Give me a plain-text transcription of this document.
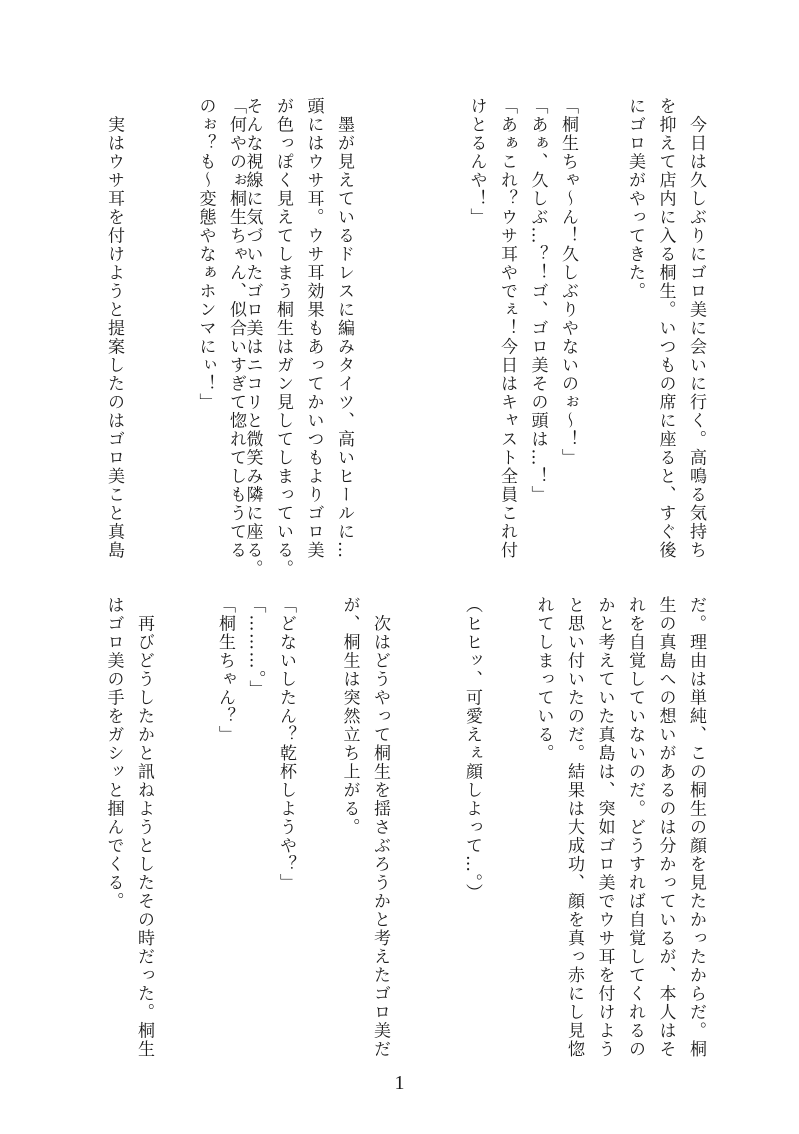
　今日は久しぶりにゴロ美に会いに行く。高鳴る気持ち
を抑えて店内に入る桐生。いつもの席に座ると、すぐ後
にゴロ美がやってきた。

「桐生ちゃ〜ん！久しぶりやないのぉ〜！」
「あぁ、久しぶ…？！ゴ、ゴロ美その頭は…！」
「あぁこれ？ウサ耳やでぇ！今日はキャスト全員これ付
けとるんや！」

　墨が見えているドレスに編みタイツ、高いヒールに…
頭にはウサ耳。ウサ耳効果もあってかいつもよりゴロ美
が色っぽく見えてしまう桐生はガン見してしまっている。
そんな視線に気づいたゴロ美はニコリと微笑み隣に座る。

「何やのぉ桐生ちゃん、似合いすぎて惚れてしもうてる
のぉ？も〜変態やなぁホンマにぃ！」

　実はウサ耳を付けようと提案したのはゴロ美こと真島

だ。理由は単純、この桐生の顔を見たかったからだ。桐
生の真島への想いがあるのは分かっているが、本人はそ
れを自覚していないのだ。どうすれば自覚してくれるの
かと考えていた真島は、突如ゴロ美でウサ耳を付けよう
と思い付いたのだ。結果は大成功、顔を真っ赤にし見惚
れてしまっている。

（ヒヒッ、可愛えぇ顔しよって…。）

　次はどうやって桐生を揺さぶろうかと考えたゴロ美だ
が、桐生は突然立ち上がる。

「どないしたん？乾杯しようや？」
「………。」
「桐生ちゃん？」

　再びどうしたかと訊ねようとしたその時だった。桐生
はゴロ美の手をガシッと掴んでくる。

1
